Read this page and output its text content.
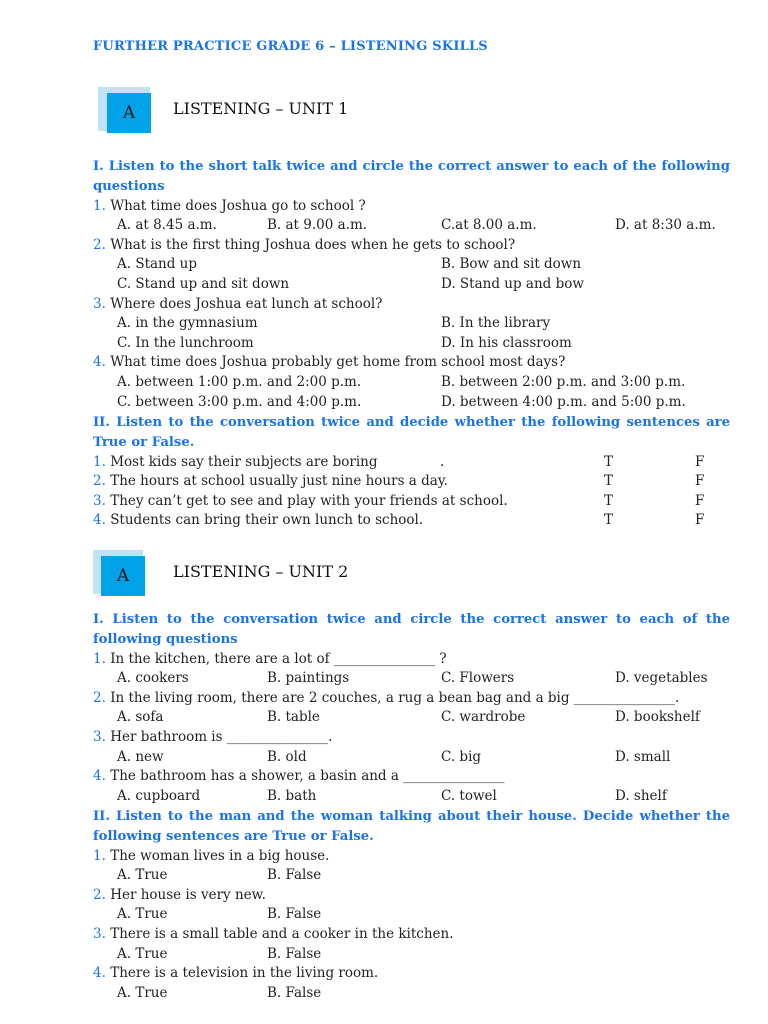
FURTHER PRACTICE GRADE 6 – LISTENING SKILLS
A	LISTENING – UNIT 1
I. Listen to the short talk twice and circle the correct answer to each of the following questions
1. What time does Joshua go to school ?
A. at 8.45 a.m.	B. at 9.00 a.m.	C.at 8.00 a.m.	D. at 8:30 a.m.
2. What is the first thing Joshua does when he gets to school?
A. Stand up	B. Bow and sit down
C. Stand up and sit down	D. Stand up and bow
3. Where does Joshua eat lunch at school?
A. in the gymnasium	B. In the library
C. In the lunchroom	D. In his classroom
4. What time does Joshua probably get home from school most days?
A. between 1:00 p.m. and 2:00 p.m.	B. between 2:00 p.m. and 3:00 p.m.
C. between 3:00 p.m. and 4:00 p.m.	D. between 4:00 p.m. and 5:00 p.m.
II. Listen to the conversation twice and decide whether the following sentences are True or False.
1. Most kids say their subjects are boring	.	T	F
2. The hours at school usually just nine hours a day.	T	F
3. They can’t get to see and play with your friends at school.	T	F
4. Students can bring their own lunch to school.	T	F
A	LISTENING – UNIT 2
I. Listen to the conversation twice and circle the correct answer to each of the following questions
1. In the kitchen, there are a lot of _______________ ?
A. cookers	B. paintings	C. Flowers	D. vegetables
2. In the living room, there are 2 couches, a rug a bean bag and a big _______________.
A. sofa	B. table	C. wardrobe	D. bookshelf
3. Her bathroom is _______________.
A. new	B. old	C. big	D. small
4. The bathroom has a shower, a basin and a _______________
A. cupboard	B. bath	C. towel	D. shelf
II. Listen to the man and the woman talking about their house. Decide whether the following sentences are True or False.
1. The woman lives in a big house.
A. True	B. False
2. Her house is very new.
A. True	B. False
3. There is a small table and a cooker in the kitchen.
A. True	B. False
4. There is a television in the living room.
A. True	B. False
